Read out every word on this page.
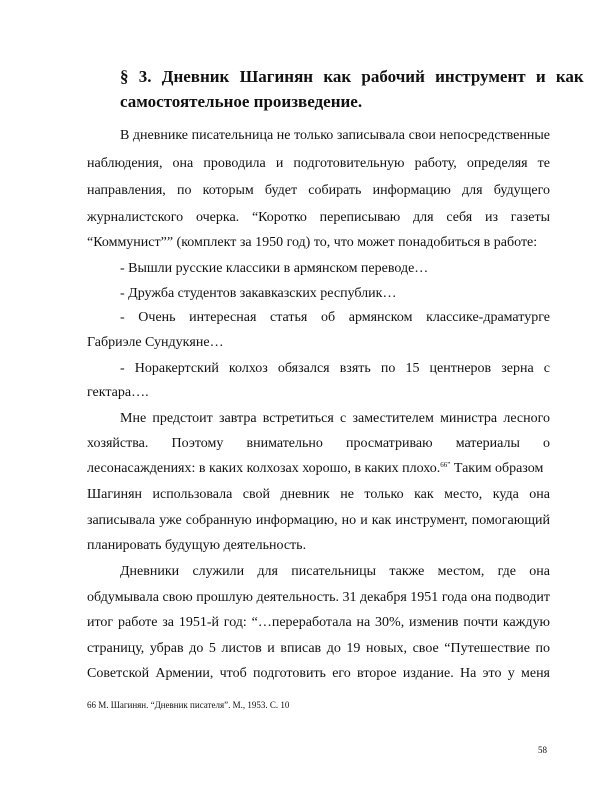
§ 3. Дневник Шагинян как рабочий инструмент и как
самостоятельное произведение.
В дневнике писательница не только записывала свои непосредственные
наблюдения, она проводила и подготовительную работу, определяя те
направления, по которым будет собирать информацию для будущего
журналистского очерка. “Коротко переписываю для себя из газеты
“Коммунист”” (комплект за 1950 год) то, что может понадобиться в работе:
- Вышли русские классики в армянском переводе…
- Дружба студентов закавказских республик…
- Очень интересная статья об армянском классике-драматурге
Габриэле Сундукяне…
- Норакертский колхоз обязался взять по 15 центнеров зерна с
гектара….
Мне предстоит завтра встретиться с заместителем министра лесного
хозяйства. Поэтому внимательно просматриваю материалы о
лесонасаждениях: в каких колхозах хорошо, в каких плохо.$^{66”}$ Таким образом
Шагинян использовала свой дневник не только как место, куда она
записывала уже собранную информацию, но и как инструмент, помогающий
планировать будущую деятельность.
Дневники служили для писательницы также местом, где она
обдумывала свою прошлую деятельность. 31 декабря 1951 года она подводит
итог работе за 1951-й год: “…переработала на 30%, изменив почти каждую
страницу, убрав до 5 листов и вписав до 19 новых, свое “Путешествие по
Советской Армении, чтоб подготовить его второе издание. На это у меня
66 М. Шагинян. “Дневник писателя”. М., 1953. С. 10
58
